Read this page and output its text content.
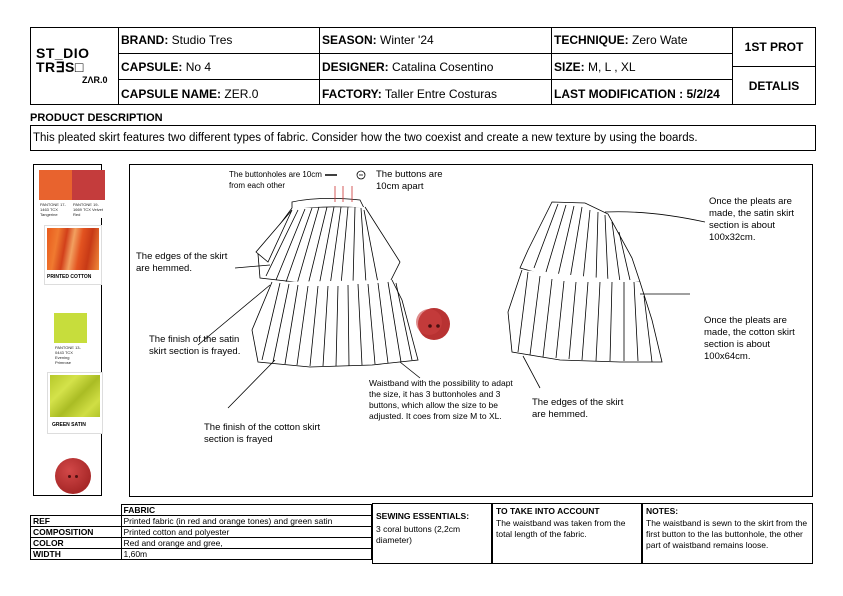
ST_DIO
TR∃S□
ZɅR.0
BRAND: Studio Tres
CAPSULE: No 4
CAPSULE NAME: ZER.0
SEASON: Winter '24
DESIGNER: Catalina Cosentino
FACTORY: Taller Entre Costuras
TECHNIQUE: Zero Wate
SIZE: M, L , XL
LAST MODIFICATION : 5/2/24
1ST PROT
DETALIS
PRODUCT DESCRIPTION
This pleated skirt features two different types of fabric. Consider how the two coexist and create a new texture by using the boards.
PANTONE 17-1463 TCX Tangerine
PANTONE 19-1669 TCX Velvet Red
PRINTED COTTON
PANTONE 13-0443 TCX Evening Primrose
GREEN SATIN
The buttonholes are 10cm from each other
The buttons are 10cm apart
The edges of the skirt are hemmed.
The finish of the satin skirt section is frayed.
The finish of the cotton skirt section is frayed
Waistband with the possibility to adapt the size, it has 3 buttonholes and 3 buttons, which allow the size to be adjusted. It coes from size M to XL.
The edges of the skirt are hemmed.
Once the pleats are made, the satin skirt section is about 100x32cm.
Once the pleats are made, the cotton skirt section is about 100x64cm.
	FABRIC
REF	Printed fabric (in red and orange tones) and green satin
COMPOSITION	Printed cotton and polyester
COLOR	Red and orange and gree,
WIDTH	1,60m
SEWING ESSENTIALS:
3 coral buttons (2,2cm diameter)
TO TAKE INTO ACCOUNT
The waistband was taken from the total length of the fabric.
NOTES:
The waistband is sewn to the skirt from the first button to the las buttonhole, the other part of waistband remains loose.
